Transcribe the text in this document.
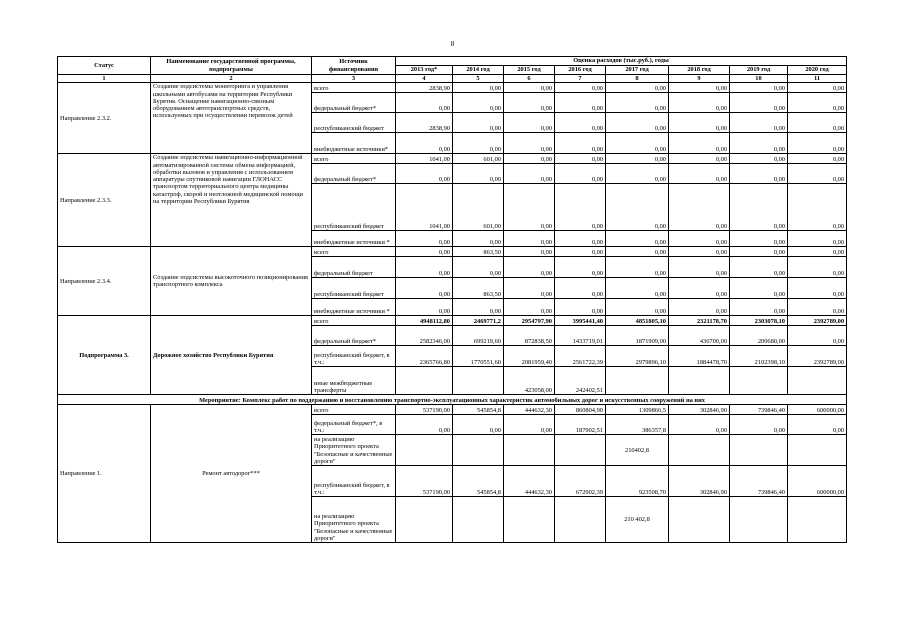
8
Статус	Наименование государственной программы, подпрограммы	Источник финансирования	Оценка расходов (тыс.руб.), годы							
			2013 год*	2014 год	2015 год	2016 год	2017 год	2018 год	2019 год	2020 год
1	2	3	4	5	6	7	8	9	10	11
Направление 2.3.2.	Создание подсистемы мониторинга и управления школьными автобусами на территории Республики Бурятия. Оснащение навигационно-связным оборудованием автотранспортных средств, используемых при осуществлении перевозок детей	всего	2838,90	0,00	0,00	0,00	0,00	0,00	0,00	0,00
		федеральный бюджет*	0,00	0,00	0,00	0,00	0,00	0,00	0,00	0,00
		республиканский бюджет	2838,90	0,00	0,00	0,00	0,00	0,00	0,00	0,00
		внебюджетные источники*	0,00	0,00	0,00	0,00	0,00	0,00	0,00	0,00
Направление 2.3.3.	Создание подсистемы навигационно-информационной автоматизированной системы обмена информацией, обработки вызовов и управления с использованием аппаратуры спутниковой навигации ГЛОНАСС транспортом территориального центра медицины катастроф, скорой и неотложной медицинской помощи на территории Республики Бурятия	всего	1041,00	601,00	0,00	0,00	0,00	0,00	0,00	0,00
		федеральный бюджет*	0,00	0,00	0,00	0,00	0,00	0,00	0,00	0,00
		республиканский бюджет	1041,00	601,00	0,00	0,00	0,00	0,00	0,00	0,00
		внебюджетные источники *	0,00	0,00	0,00	0,00	0,00	0,00	0,00	0,00
Направление 2.3.4.	Создание подсистемы высокоточного позиционирования транспортного комплекса	всего	0,00	863,50	0,00	0,00	0,00	0,00	0,00	0,00
		федеральный бюджет	0,00	0,00	0,00	0,00	0,00	0,00	0,00	0,00
		республиканский бюджет	0,00	863,50	0,00	0,00	0,00	0,00	0,00	0,00
		внебюджетные источники *	0,00	0,00	0,00	0,00	0,00	0,00	0,00	0,00
Подпрограмма 3.	Дорожное хозяйство Республики Бурятия	всего	4948112,80	2469771,2	2954797,90	3995441,40	4851805,10	2321178,70	2303078,10	2392789,00
		федеральный бюджет*	2582346,00	699219,60	872838,50	1433719,01	1871909,00	436700,00	200680,00	0,00
		республиканский бюджет, в т.ч.:	2365766,80	1770551,60	2081959,40	2561722,39	2979896,10	1884478,70	2102398,10	2392789,00
		иные межбюджетные трансферты			423058,00	242402,51				
Мероприятие: Комплекс работ по поддержанию и восстановлению транспортно-эксплуатационных характеристик автомобильных дорог и искусственных сооружений на них										
Направление 1.	Ремонт автодорог***	всего	537190,00	545854,8	444632,30	860804,90	1309866,5	302846,90	739846,40	600000,00
		федеральный бюджет*, в т.ч.:	0,00	0,00	0,00	187902,51	386357,8	0,00	0,00	0,00
		на реализацию Приоритетного проекта "Безопасные и качественные дороги"					210402,8			
		республиканский бюджет, в т.ч.:	537190,00	545854,8	444632,30	672902,39	923508,70	302846,90	739846,40	600000,00
		на реализацию Приоритетного проекта "Безопасные и качественные дороги"					210 402,8			
